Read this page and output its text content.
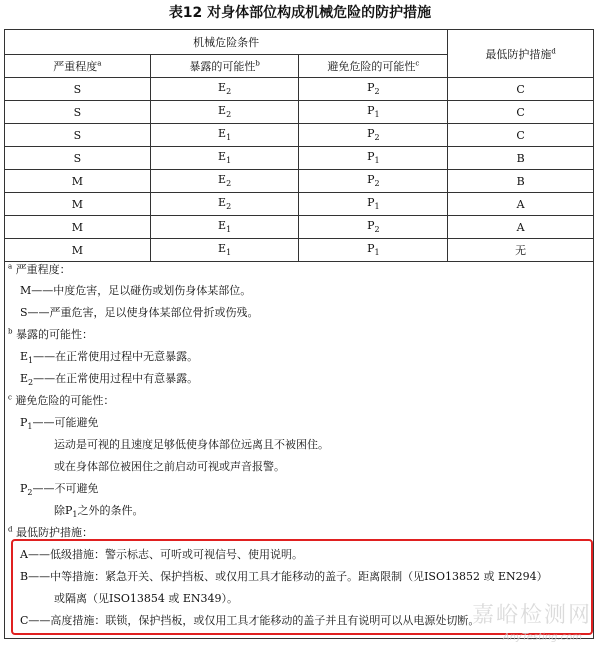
表12 对身体部位构成机械危险的防护措施
机械危险条件			最低防护措施$^d$
严重程度$^a$	暴露的可能性$^b$	避免危险的可能性$^c$
S	$E_2$	$P_2$	C
S	$E_2$	$P_1$	C
S	$E_1$	$P_2$	C
S	$E_1$	$P_1$	B
M	$E_2$	$P_2$	B
M	$E_2$	$P_1$	A
M	$E_1$	$P_2$	A
M	$E_1$	$P_1$	无
$^a$ 严重程度：
M——中度危害，足以碰伤或划伤身体某部位。
S——严重危害，足以使身体某部位骨折或伤残。
$^b$ 暴露的可能性：
$E_1——$在正常使用过程中无意暴露。
$E_2——$在正常使用过程中有意暴露。
$^c$ 避免危险的可能性：
$P_1——$可能避免
运动是可视的且速度足够低使身体部位远离且不被困住。
或在身体部位被困住之前启动可视或声音报警。
$P_2——$不可避免
除$P_1$之外的条件。
$^d$ 最低防护措施：
A——低级措施：警示标志、可听或可视信号、使用说明。
B——中等措施：紧急开关、保护挡板、或仅用工具才能移动的盖子。距离限制（见ISO13852 或 EN294）
或隔离（见ISO13854 或 EN349）。
C——高度措施：联锁，保护挡板，或仅用工具才能移动的盖子并且有说明可以从电源处切断。
嘉峪检测网
AnyTesting.com
